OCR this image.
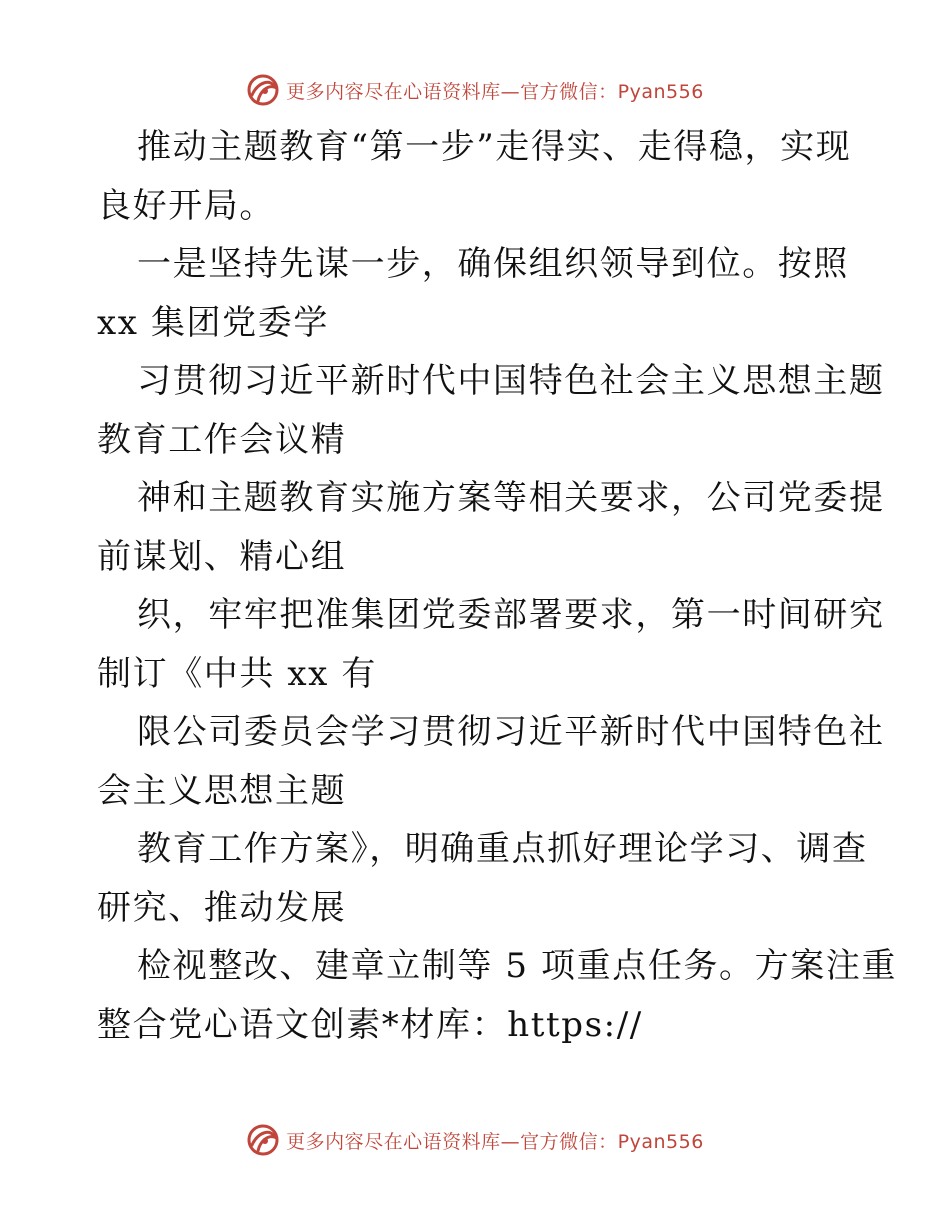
更多内容尽在心语资料库—官方微信：Pyan556
推动主题教育“第一步”走得实、走得稳，实现
良好开局。
一是坚持先谋一步，确保组织领导到位。按照
xx 集团党委学
习贯彻习近平新时代中国特色社会主义思想主题
教育工作会议精
神和主题教育实施方案等相关要求，公司党委提
前谋划、精心组
织，牢牢把准集团党委部署要求，第一时间研究
制订《中共 xx 有
限公司委员会学习贯彻习近平新时代中国特色社
会主义思想主题
教育工作方案》，明确重点抓好理论学习、调查
研究、推动发展
检视整改、建章立制等 5 项重点任务。方案注重
整合党心语文创素*材库：https://
更多内容尽在心语资料库—官方微信：Pyan556
